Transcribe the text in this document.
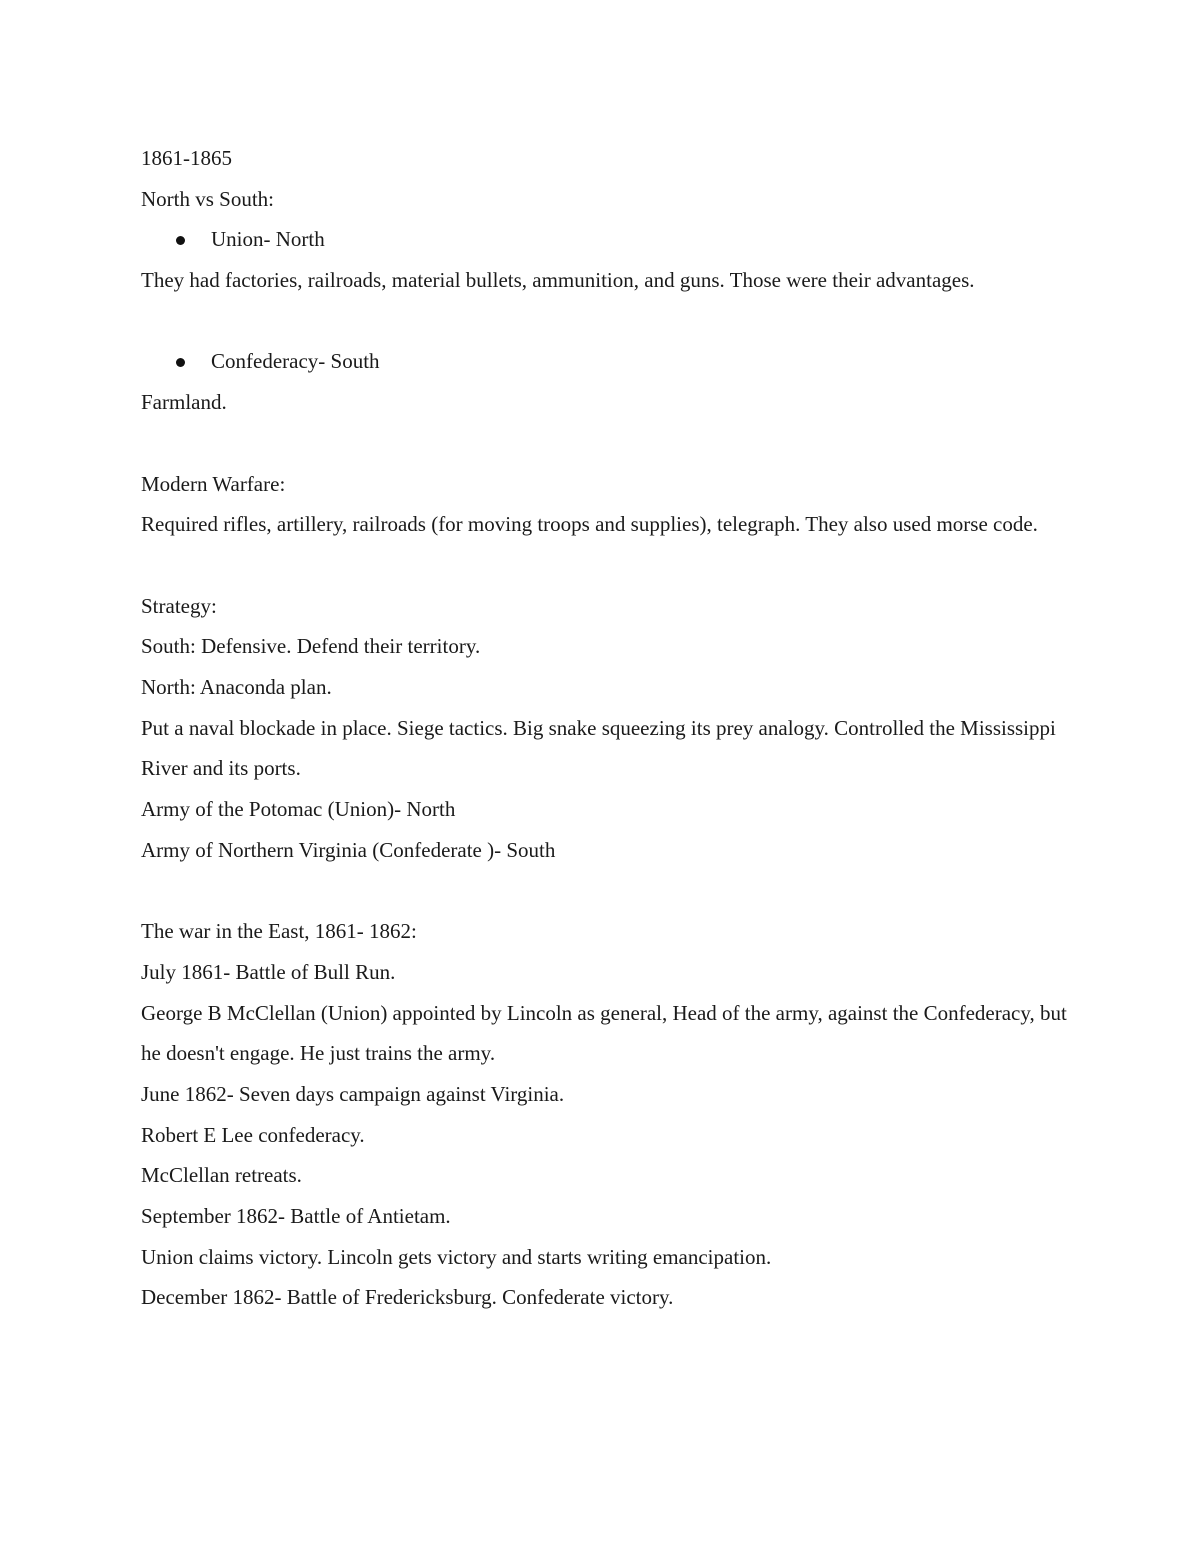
1861-1865
North vs South:
Union- North
They had factories, railroads, material bullets, ammunition, and guns. Those were their advantages.
Confederacy- South
Farmland.
Modern Warfare:
Required rifles, artillery, railroads (for moving troops and supplies), telegraph. They also used morse code.
Strategy:
South: Defensive. Defend their territory.
North: Anaconda plan.
Put a naval blockade in place. Siege tactics. Big snake squeezing its prey analogy. Controlled the Mississippi River and its ports.
Army of the Potomac (Union)- North
Army of Northern Virginia (Confederate )- South
The war in the East, 1861- 1862:
July 1861- Battle of Bull Run.
George B McClellan (Union) appointed by Lincoln as general, Head of the army, against the Confederacy, but he doesn't engage. He just trains the army.
June 1862- Seven days campaign against Virginia.
Robert E Lee confederacy.
McClellan retreats.
September 1862- Battle of Antietam.
Union claims victory. Lincoln gets victory and starts writing emancipation.
December 1862- Battle of Fredericksburg. Confederate victory.
